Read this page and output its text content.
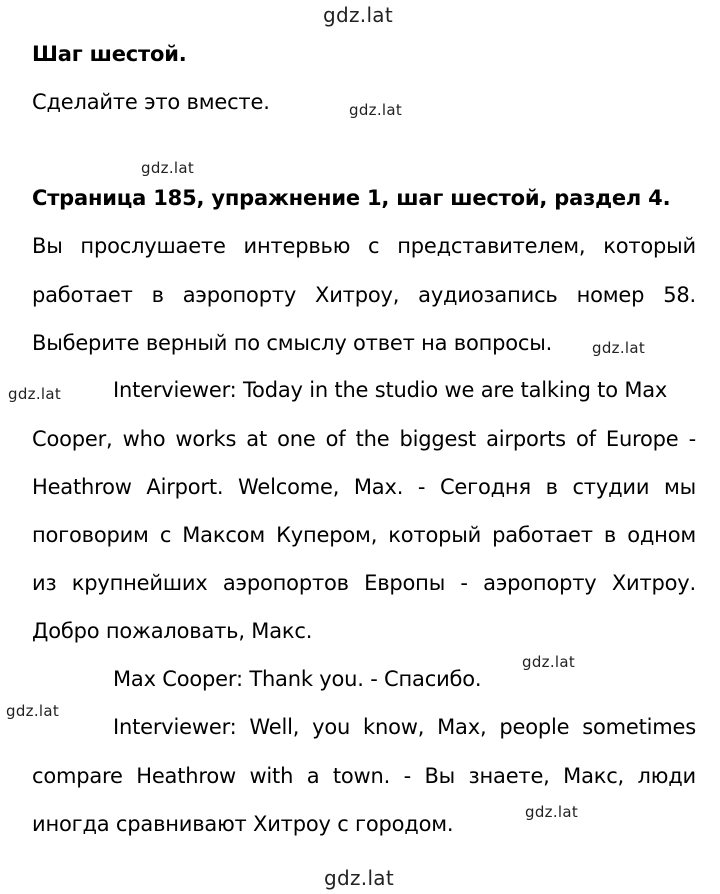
gdz.lat
gdz.lat
gdz.lat
gdz.lat
gdz.lat
gdz.lat
gdz.lat
gdz.lat
gdz.lat
Шаг шестой.
Сделайте это вместе.
Страница 185, упражнение 1, шаг шестой, раздел 4.
Вы прослушаете интервью с представителем, который
работает в аэропорту Хитроу, аудиозапись номер 58.
Выберите верный по смыслу ответ на вопросы.
Interviewer: Today in the studio we are talking to Max
Cooper, who works at one of the biggest airports of Europe -
Heathrow Airport. Welcome, Max. - Сегодня в студии мы
поговорим с Максом Купером, который работает в одном
из крупнейших аэропортов Европы - аэропорту Хитроу.
Добро пожаловать, Макс.
Max Cooper: Thank you. - Спасибо.
Interviewer: Well, you know, Max, people sometimes
compare Heathrow with a town. - Вы знаете, Макс, люди
иногда сравнивают Хитроу с городом.
